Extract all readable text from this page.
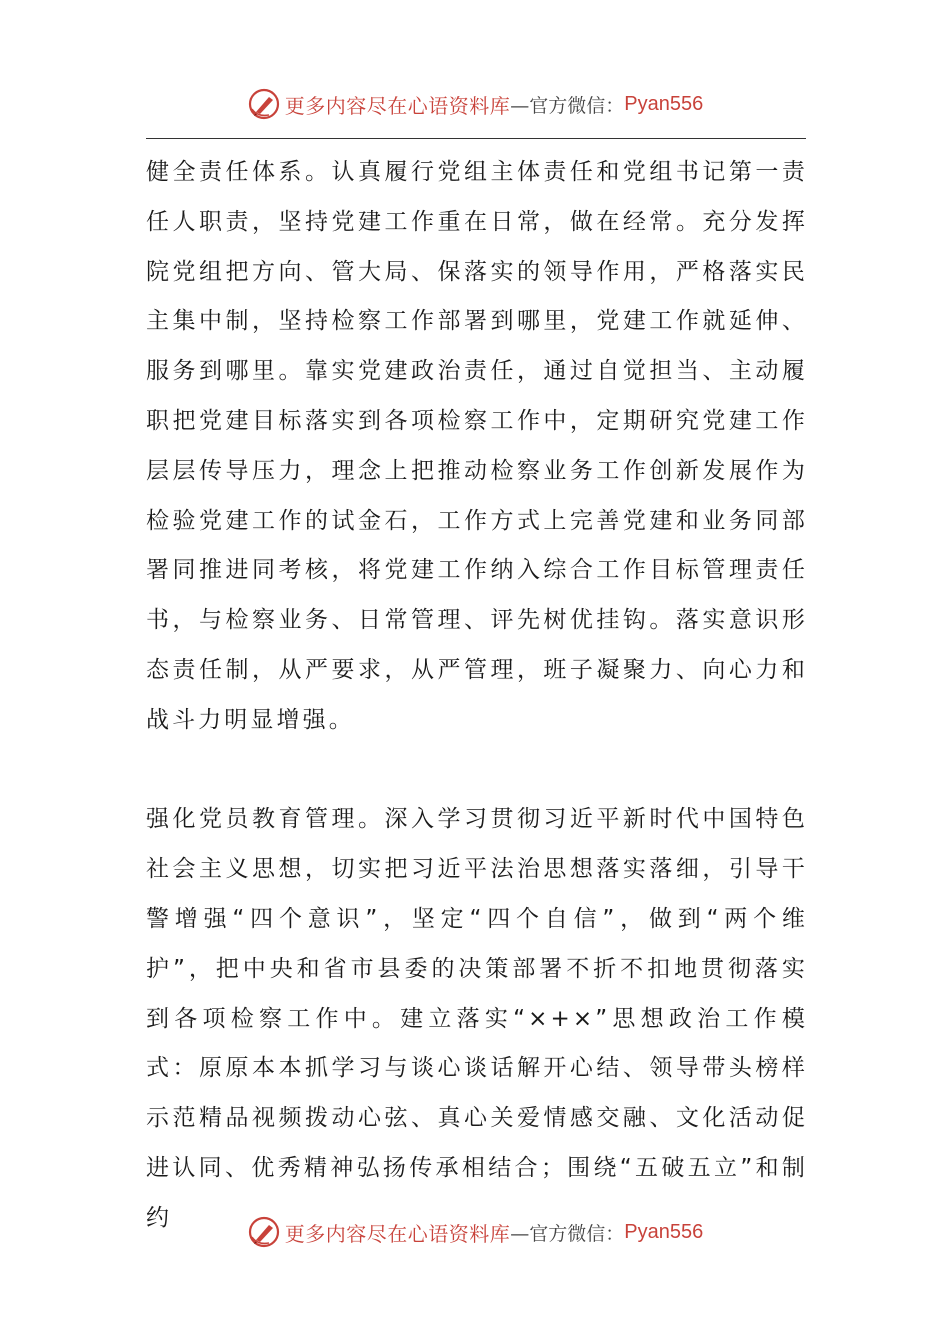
更多内容尽在心语资料库 —官方微信： Pyan556

健全责任体系。认真履行党组主体责任和党组书记第一责任人职责，坚持党建工作重在日常，做在经常。充分发挥院党组把方向、管大局、保落实的领导作用，严格落实民主集中制，坚持检察工作部署到哪里，党建工作就延伸、服务到哪里。靠实党建政治责任，通过自觉担当、主动履职把党建目标落实到各项检察工作中，定期研究党建工作层层传导压力，理念上把推动检察业务工作创新发展作为检验党建工作的试金石，工作方式上完善党建和业务同部署同推进同考核，将党建工作纳入综合工作目标管理责任书，与检察业务、日常管理、评先树优挂钩。落实意识形态责任制，从严要求，从严管理，班子凝聚力、向心力和战斗力明显增强。

强化党员教育管理。深入学习贯彻习近平新时代中国特色社会主义思想，切实把习近平法治思想落实落细，引导干警增强“四个意识”，坚定“四个自信”，做到“两个维护”，把中央和省市县委的决策部署不折不扣地贯彻落实到各项检察工作中。建立落实“×+×”思想政治工作模式：原原本本抓学习与谈心谈话解开心结、领导带头榜样示范精品视频拨动心弦、真心关爱情感交融、文化活动促进认同、优秀精神弘扬传承相结合；围绕“五破五立”和制约

更多内容尽在心语资料库 —官方微信： Pyan556
